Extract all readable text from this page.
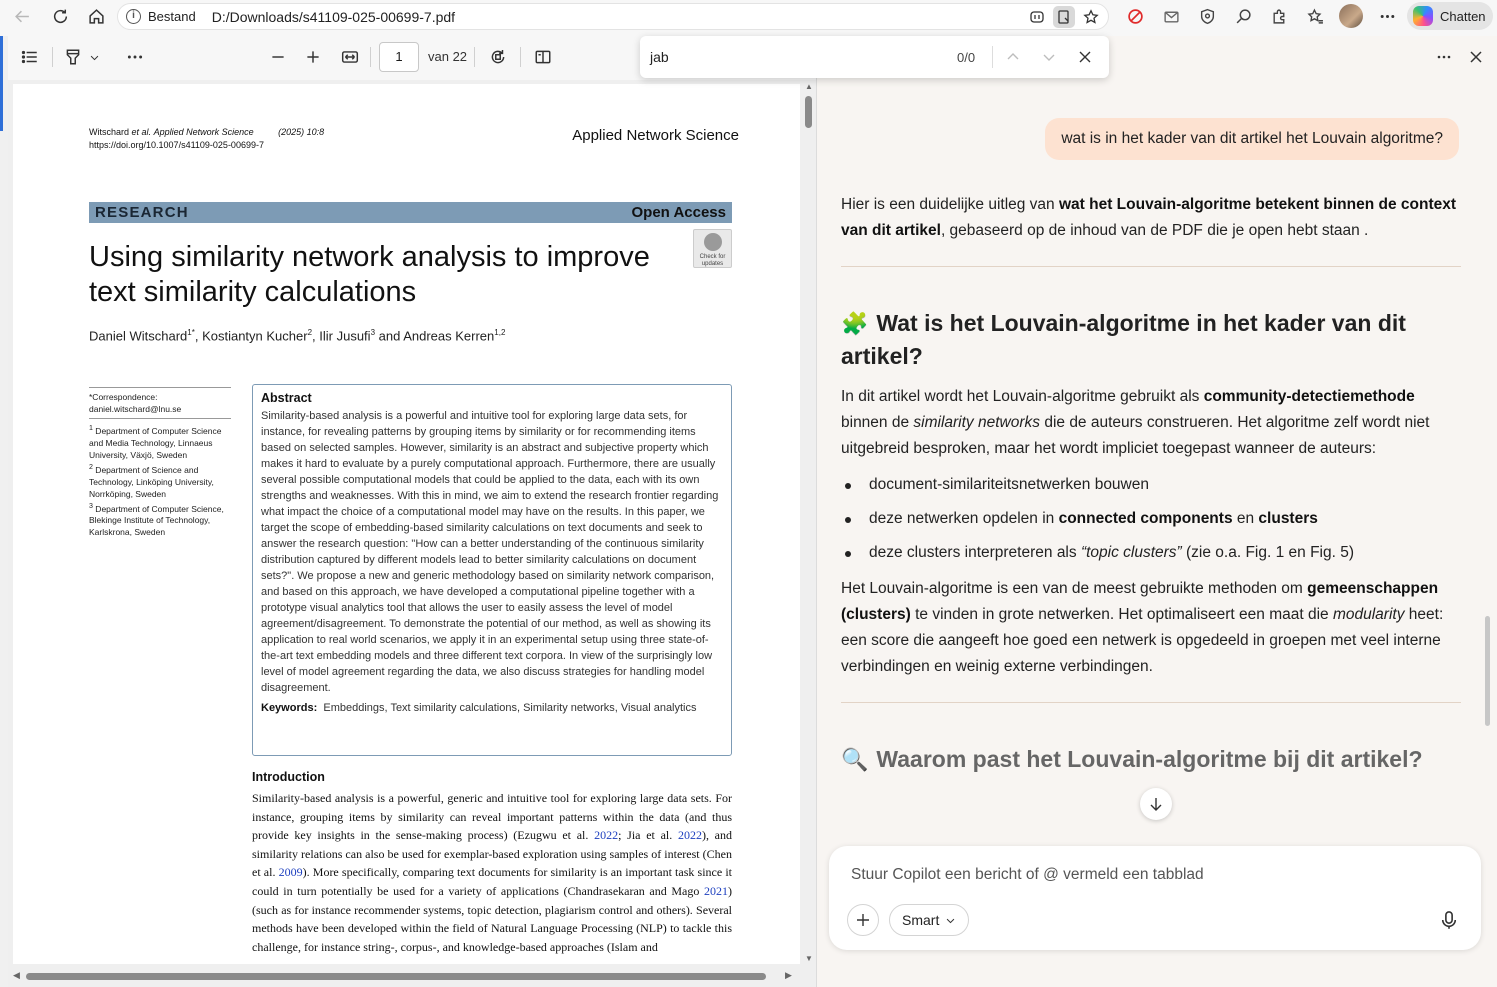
i	Bestand D:/Downloads/s41109-025-00699-7.pdf	Chatten
1	van 22
Witschard et al. Applied Network Science	(2025) 10:8
https://doi.org/10.1007/s41109-025-00699-7
Applied Network Science
RESEARCH	Open Access
Using similarity network analysis to improve text similarity calculations
Check for updates
Daniel Witschard$^{1*}$, Kostiantyn Kucher$^2$, Ilir Jusufi$^3$ and Andreas Kerren$^{1,2}$
*Correspondence:
daniel.witschard@lnu.se
$^1$ Department of Computer Science and Media Technology, Linnaeus University, Växjö, Sweden
$^2$ Department of Science and Technology, Linköping University, Norrköping, Sweden
$^3$ Department of Computer Science, Blekinge Institute of Technology, Karlskrona, Sweden
Abstract
Similarity-based analysis is a powerful and intuitive tool for exploring large data sets, for instance, for revealing patterns by grouping items by similarity or for recommending items based on selected samples. However, similarity is an abstract and subjective property which makes it hard to evaluate by a purely computational approach. Furthermore, there are usually several possible computational models that could be applied to the data, each with its own strengths and weaknesses. With this in mind, we aim to extend the research frontier regarding what impact the choice of a computational model may have on the results. In this paper, we target the scope of embedding-based similarity calculations on text documents and seek to answer the research question: "How can a better understanding of the continuous similarity distribution captured by different models lead to better similarity calculations on document sets?". We propose a new and generic methodology based on similarity network comparison, and based on this approach, we have developed a computational pipeline together with a prototype visual analytics tool that allows the user to easily assess the level of model agreement/disagreement. To demonstrate the potential of our method, as well as showing its application to real world scenarios, we apply it in an experimental setup using three state-of-the-art text embedding models and three different text corpora. In view of the surprisingly low level of model agreement regarding the data, we also discuss strategies for handling model disagreement.
Keywords: Embeddings, Text similarity calculations, Similarity networks, Visual analytics
Introduction
Similarity-based analysis is a powerful, generic and intuitive tool for exploring large data sets. For instance, grouping items by similarity can reveal important patterns within the data (and thus provide key insights in the sense-making process) (Ezugwu et al. 2022; Jia et al. 2022), and similarity relations can also be used for exemplar-based exploration using samples of interest (Chen et al. 2009). More specifically, comparing text documents for similarity is an important task since it could in turn potentially be used for a variety of applications (Chandrasekaran and Mago 2021) (such as for instance recommender systems, topic detection, plagiarism control and others). Several methods have been developed within the field of Natural Language Processing (NLP) to tackle this challenge, for instance string-, corpus-, and knowledge-based approaches (Islam and
▲
▼
◀	▶
wat is in het kader van dit artikel het Louvain algoritme?
Hier is een duidelijke uitleg van wat het Louvain-algoritme betekent binnen de context van dit artikel, gebaseerd op de inhoud van de PDF die je open hebt staan .
🧩 Wat is het Louvain-algoritme in het kader van dit artikel?
In dit artikel wordt het Louvain-algoritme gebruikt als community-detectiemethode binnen de similarity networks die de auteurs construeren. Het algoritme zelf wordt niet uitgebreid besproken, maar het wordt impliciet toegepast wanneer de auteurs:
document-similariteitsnetwerken bouwen
deze netwerken opdelen in connected components en clusters
deze clusters interpreteren als “topic clusters” (zie o.a. Fig. 1 en Fig. 5)
Het Louvain-algoritme is een van de meest gebruikte methoden om gemeenschappen (clusters) te vinden in grote netwerken. Het optimaliseert een maat die modularity heet: een score die aangeeft hoe goed een netwerk is opgedeeld in groepen met veel interne verbindingen en weinig externe verbindingen.
🔍 Waarom past het Louvain-algoritme bij dit artikel?
Stuur Copilot een bericht of @ vermeld een tabblad
Smart
jab	0/0
